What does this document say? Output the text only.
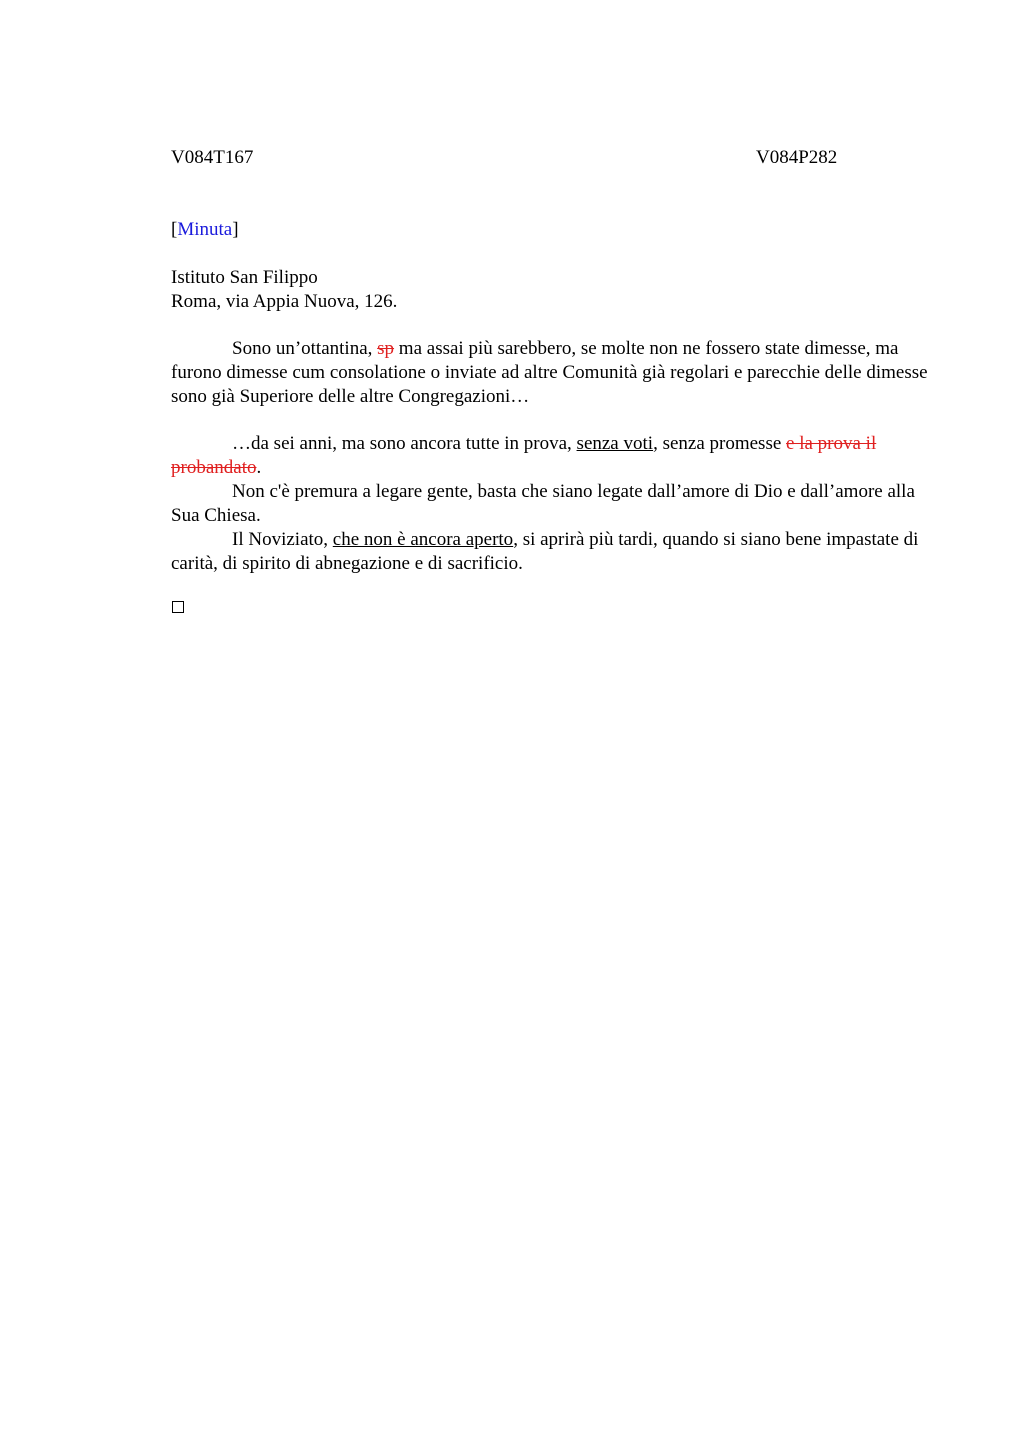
V084T167	V084P282
[Minuta]
Istituto San Filippo
Roma, via Appia Nuova, 126.

Sono un’ottantina, sp ma assai più sarebbero, se molte non ne fossero state dimesse, ma furono dimesse cum consolatione o inviate ad altre Comunità già regolari e parecchie delle dimesse sono già Superiore delle altre Congregazioni…

…da sei anni, ma sono ancora tutte in prova, senza voti, senza promesse e la prova il probandato.

Non c'è premura a legare gente, basta che siano legate dall’amore di Dio e dall’amore alla Sua Chiesa.

Il Noviziato, che non è ancora aperto, si aprirà più tardi, quando si siano bene impastate di carità, di spirito di abnegazione e di sacrificio.
